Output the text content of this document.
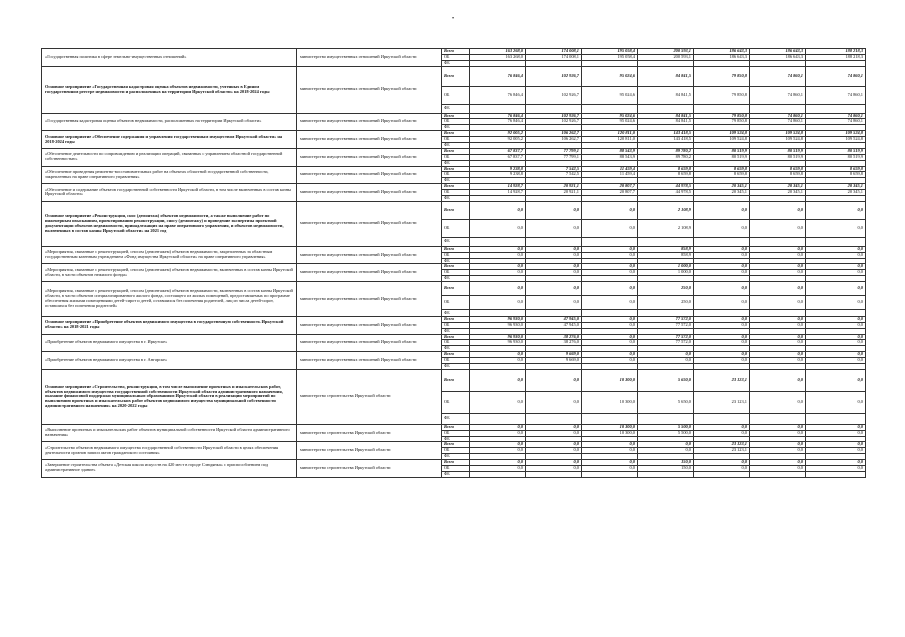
•
«Государственная политика в сфере земельно-имущественных отношений»	министерство имущественных отношений Иркутской области	Всего	163 268,0	174 008,1	195 058,4	200 593,1	186 643,3	186 643,3	188 218,3
		ОБ	163 268,0	174 008,1	195 058,4	200 593,1	186 643,3	186 643,3	188 218,3
		ФБ							
Основное мероприятие «Государственная кадастровая оценка объектов недвижимости, учтенных в Едином государственном реестре недвижимости и расположенных на территории Иркутской области» на 2018-2024 годы	министерство имущественных отношений Иркутской области	Всего	76 846,4	102 926,7	95 024,6	84 841,5	79 850,8	74 860,1	74 860,1
		ОБ	76 846,4	102 926,7	95 024,6	84 841,5	79 850,8	74 860,1	74 860,1
		ФБ							
«Государственная кадастровая оценка объектов недвижимости, расположенных на территории Иркутской области»	министерство имущественных отношений Иркутской области	Всего	76 846,4	102 926,7	95 024,6	84 841,5	79 850,8	74 860,1	74 860,1
		ОБ	76 846,4	102 926,7	95 024,6	84 841,5	79 850,8	74 860,1	74 860,1
		ФБ							
Основное мероприятие «Обеспечение содержания и управления государственным имуществом Иркутской области» на 2018-2024 годы	министерство имущественных отношений Иркутской области	Всего	92 005,2	106 262,7	120 811,0	143 418,5	109 524,8	109 524,8	109 524,8
		ОБ	92 005,2	106 262,7	120 811,0	143 418,5	109 524,8	109 524,8	109 524,8
		ФБ							
«Обеспечение деятельности по сопровождению и реализации операций, связанных с управлением областной государственной собственностью»	министерство имущественных отношений Иркутской области	Всего	67 837,7	77 799,1	88 543,9	89 780,2	80 519,9	80 519,9	80 519,9
		ОБ	67 837,7	77 799,1	88 543,9	89 780,2	80 519,9	80 519,9	80 519,9
		ФБ							
«Обеспечение проведения ремонтно-восстановительных работ на объектах областной государственной собственности, закрепленных на праве оперативного управления»	министерство имущественных отношений Иркутской области	Всего	9 238,8	7 542,5	11 459,4	8 659,8	8 659,8	8 659,8	8 659,8
		ОБ	9 238,8	7 542,5	11 459,4	8 659,8	8 659,8	8 659,8	8 659,8
		ФБ							
«Обеспечение и содержание объектов государственной собственности Иркутской области, в том числе включенных в состав казны Иркутской области»	министерство имущественных отношений Иркутской области	Всего	14 928,7	20 921,1	20 807,7	44 978,5	20 345,1	20 345,1	20 345,1
		ОБ	14 928,7	20 921,1	20 807,7	44 978,5	20 345,1	20 345,1	20 345,1
		ФБ							
Основное мероприятие «Реконструкция, снос (демонтаж) объектов недвижимости, а также выполнение работ по инженерным изысканиям, проектированию реконструкции, сносу (демонтажу) и проведение экспертизы проектной документации объектов недвижимости, принадлежащих на праве оперативного управления, и объектов недвижимости, включенных в состав казны Иркутской области» на 2021 год	министерство имущественных отношений Иркутской области	Всего	0,0	0,0	0,0	2 108,9	0,0	0,0	0,0
		ОБ	0,0	0,0	0,0	2 108,9	0,0	0,0	0,0
		ФБ							
«Мероприятия, связанные с реконструкцией, сносом (демонтажем) объектов недвижимости, закрепленных за областным государственным казенным учреждением «Фонд имущества Иркутской области» на праве оперативного управления»	министерство имущественных отношений Иркутской области	Всего	0,0	0,0	0,0	858,9	0,0	0,0	0,0
		ОБ	0,0	0,0	0,0	858,9	0,0	0,0	0,0
		ФБ							
«Мероприятия, связанные с реконструкцией, сносом (демонтажем) объектов недвижимости, включенных в состав казны Иркутской области, в части объектов нежилого фонда»	министерство имущественных отношений Иркутской области	Всего	0,0	0,0	0,0	1 000,0	0,0	0,0	0,0
		ОБ	0,0	0,0	0,0	1 000,0	0,0	0,0	0,0
		ФБ							
«Мероприятия, связанные с реконструкцией, сносом (демонтажем) объектов недвижимости, включенных в состав казны Иркутской области, в части объектов специализированного жилого фонда, состоящего из жилых помещений, предоставляемых по программе обеспечения жилыми помещениями детей-сирот и детей, оставшихся без попечения родителей, лиц из числа детей-сирот, оставшихся без попечения родителей»	министерство имущественных отношений Иркутской области	Всего	0,0	0,0	0,0	250,0	0,0	0,0	0,0
		ОБ	0,0	0,0	0,0	250,0	0,0	0,0	0,0
		ФБ							
Основное мероприятие «Приобретение объектов недвижимого имущества в государственную собственность Иркутской области» на 2018-2021 годы	министерство имущественных отношений Иркутской области	Всего	96 930,0	47 945,0	0,0	77 572,0	0,0	0,0	0,0
		ОБ	96 930,0	47 945,0	0,0	77 572,0	0,0	0,0	0,0
		ФБ							
«Приобретение объектов недвижимого имущества в г. Иркутске»	министерство имущественных отношений Иркутской области	Всего	96 930,0	38 276,0	0,0	77 572,0	0,0	0,0	0,0
		ОБ	96 930,0	38 276,0	0,0	77 572,0	0,0	0,0	0,0
		ФБ							
«Приобретение объектов недвижимого имущества в г. Ангарске»	министерство имущественных отношений Иркутской области	Всего	0,0	9 669,0	0,0	0,0	0,0	0,0	0,0
		ОБ	0,0	9 669,0	0,0	0,0	0,0	0,0	0,0
		ФБ							
Основное мероприятие «Строительство, реконструкция, в том числе выполнение проектных и изыскательских работ, объектов недвижимого имущества государственной собственности Иркутской области административного назначения, оказание финансовой поддержки муниципальным образованиям Иркутской области в реализации мероприятий по выполнению проектных и изыскательских работ объектов недвижимого имущества муниципальной собственности административного назначения» на 2020-2022 годы	министерство строительства Иркутской области	Всего	0,0	0,0	10 300,0	5 650,0	23 123,1	0,0	0,0
		ОБ	0,0	0,0	10 300,0	5 650,0	23 123,1	0,0	0,0
		ФБ							
«Выполнение проектных и изыскательских работ объектов муниципальной собственности Иркутской области административного назначения»	министерство строительства Иркутской области	Всего	0,0	0,0	10 300,0	5 500,0	0,0	0,0	0,0
		ОБ	0,0	0,0	10 300,0	5 500,0	0,0	0,0	0,0
		ФБ							
«Строительство объектов недвижимого имущества государственной собственности Иркутской области в целях обеспечения деятельности органов записи актов гражданского состояния»	министерство строительства Иркутской области	Всего	0,0	0,0	0,0	0,0	23 123,1	0,0	0,0
		ОБ	0,0	0,0	0,0	0,0	23 123,1	0,0	0,0
		ФБ							
«Завершение строительства объекта «Детская школа искусств на 420 мест в городе Слюдянка» с приспособлением под административное здание»	министерство строительства Иркутской области	Всего	0,0	0,0	0,0	150,0	0,0	0,0	0,0
		ОБ	0,0	0,0	0,0	150,0	0,0	0,0	0,0
		ФБ							
